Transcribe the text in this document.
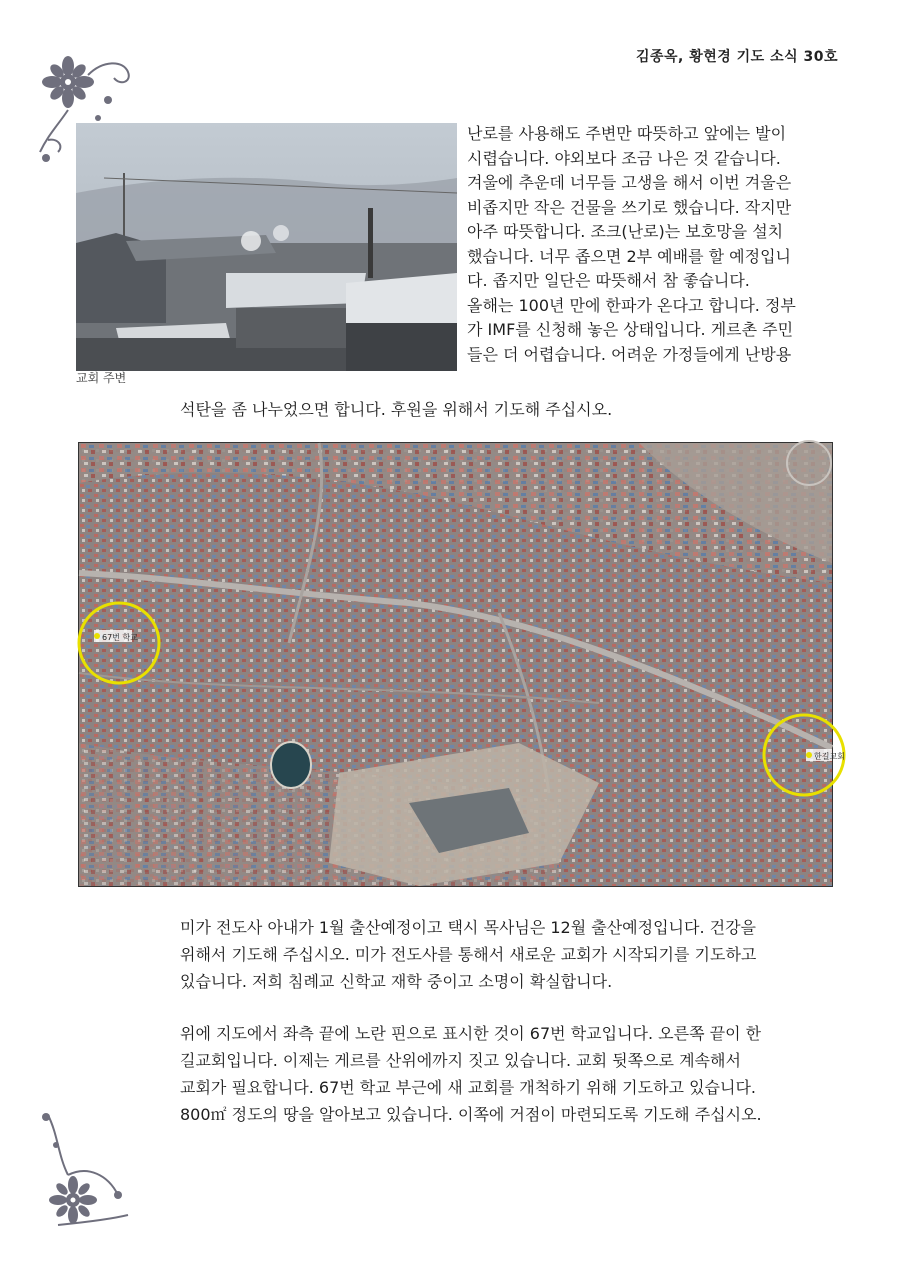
김종옥, 황현경 기도 소식 30호
교회 주변
난로를 사용해도 주변만 따뜻하고 앞에는 발이
시렵습니다. 야외보다 조금 나은 것 같습니다.
겨울에 추운데 너무들 고생을 해서 이번 겨울은
비좁지만 작은 건물을 쓰기로 했습니다. 작지만
아주 따뜻합니다. 조크(난로)는 보호망을 설치
했습니다. 너무 좁으면 2부 예배를 할 예정입니
다. 좁지만 일단은 따뜻해서 참 좋습니다.
올해는 100년 만에 한파가 온다고 합니다. 정부
가 IMF를 신청해 놓은 상태입니다. 게르촌 주민
들은 더 어렵습니다. 어려운 가정들에게 난방용
석탄을 좀 나누었으면 합니다. 후원을 위해서 기도해 주십시오.
67번 학교
한길교회
미가 전도사 아내가 1월 출산예정이고 택시 목사님은 12월 출산예정입니다. 건강을
위해서 기도해 주십시오. 미가 전도사를 통해서 새로운 교회가 시작되기를 기도하고
있습니다. 저희 침례교 신학교 재학 중이고 소명이 확실합니다.
위에 지도에서 좌측 끝에 노란 핀으로 표시한 것이 67번 학교입니다. 오른쪽 끝이 한
길교회입니다. 이제는 게르를 산위에까지 짓고 있습니다. 교회 뒷쪽으로 계속해서
교회가 필요합니다. 67번 학교 부근에 새 교회를 개척하기 위해 기도하고 있습니다.
800㎡ 정도의 땅을 알아보고 있습니다. 이쪽에 거점이 마련되도록 기도해 주십시오.
